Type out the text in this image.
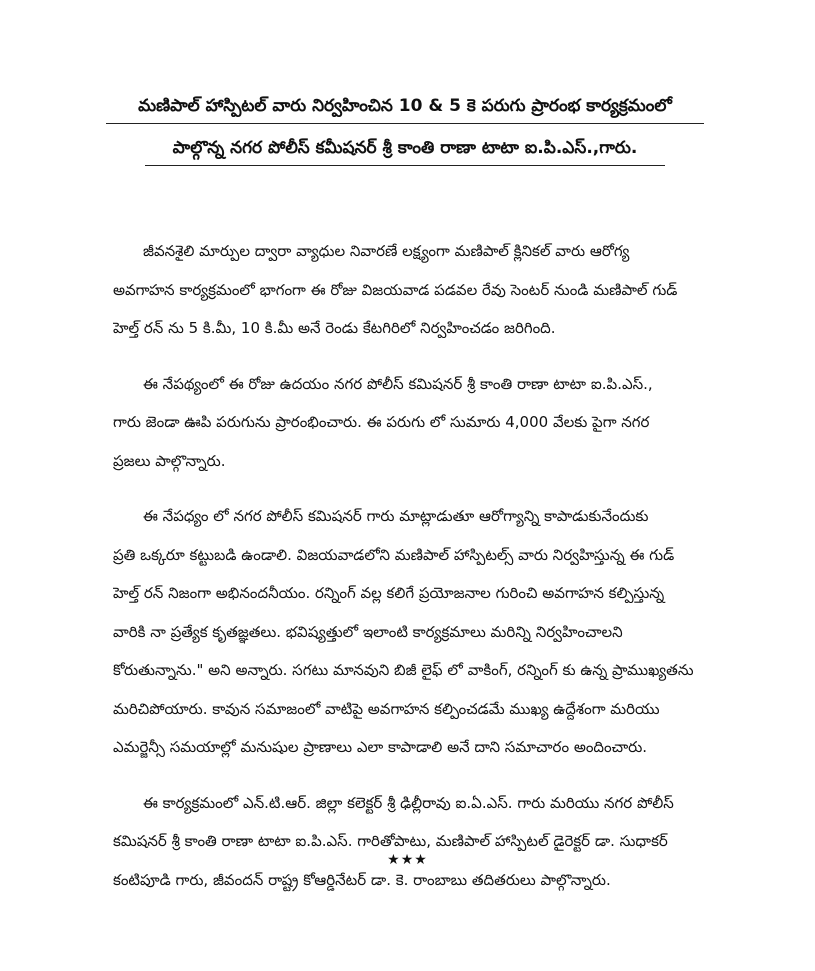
మణిపాల్ హాస్పిటల్ వారు నిర్వహించిన 10 & 5 కె పరుగు ప్రారంభ కార్యక్రమంలో
పాల్గొన్న నగర పోలీస్ కమీషనర్ శ్రీ కాంతి రాణా టాటా ఐ.పి.ఎస్.,గారు.
జీవనశైలి మార్పుల ద్వారా వ్యాధుల నివారణే లక్ష్యంగా మణిపాల్ క్లినికల్ వారు ఆరోగ్య
అవగాహన కార్యక్రమంలో భాగంగా ఈ రోజు విజయవాడ పడవల రేవు సెంటర్ నుండి మణిపాల్ గుడ్
హెల్త్ రన్ ను 5 కి.మీ, 10 కి.మీ అనే రెండు కేటగిరిలో నిర్వహించడం జరిగింది.
ఈ నేపథ్యంలో ఈ రోజు ఉదయం నగర పోలీస్ కమిషనర్ శ్రీ కాంతి రాణా టాటా ఐ.పి.ఎస్.,
గారు జెండా ఊపి పరుగును ప్రారంభించారు. ఈ పరుగు లో సుమారు 4,000 వేలకు పైగా నగర
ప్రజలు పాల్గొన్నారు.
ఈ నేపధ్యం లో నగర పోలీస్ కమిషనర్ గారు మాట్లాడుతూ ఆరోగ్యాన్ని కాపాడుకునేందుకు
ప్రతి ఒక్కరూ కట్టుబడి ఉండాలి. విజయవాడలోని మణిపాల్ హాస్పిటల్స్ వారు నిర్వహిస్తున్న ఈ గుడ్
హెల్త్ రన్ నిజంగా అభినందనీయం. రన్నింగ్ వల్ల కలిగే ప్రయోజనాల గురించి అవగాహన కల్పిస్తున్న
వారికి నా ప్రత్యేక కృతజ్ఞతలు. భవిష్యత్తులో ఇలాంటి కార్యక్రమాలు మరిన్ని నిర్వహించాలని
కోరుతున్నాను." అని అన్నారు. సగటు మానవుని బిజీ లైఫ్ లో వాకింగ్, రన్నింగ్ కు ఉన్న ప్రాముఖ్యతను
మరిచిపోయారు. కావున సమాజంలో వాటిపై అవగాహన కల్పించడమే ముఖ్య ఉద్దేశంగా మరియు
ఎమర్జెన్సీ సమయాల్లో మనుషుల ప్రాణాలు ఎలా కాపాడాలి అనే దాని సమాచారం అందించారు.
ఈ కార్యక్రమంలో ఎన్.టి.ఆర్. జిల్లా కలెక్టర్ శ్రీ ఢిల్లీరావు ఐ.ఏ.ఎస్. గారు మరియు నగర పోలీస్
కమిషనర్ శ్రీ కాంతి రాణా టాటా ఐ.పి.ఎస్. గారితోపాటు, మణిపాల్ హాస్పిటల్ డైరెక్టర్ డా. సుధాకర్
కంటిపూడి గారు, జీవందన్ రాష్ట్ర కోఆర్డినేటర్ డా. కె. రాంబాబు తదితరులు పాల్గొన్నారు.
★★★
